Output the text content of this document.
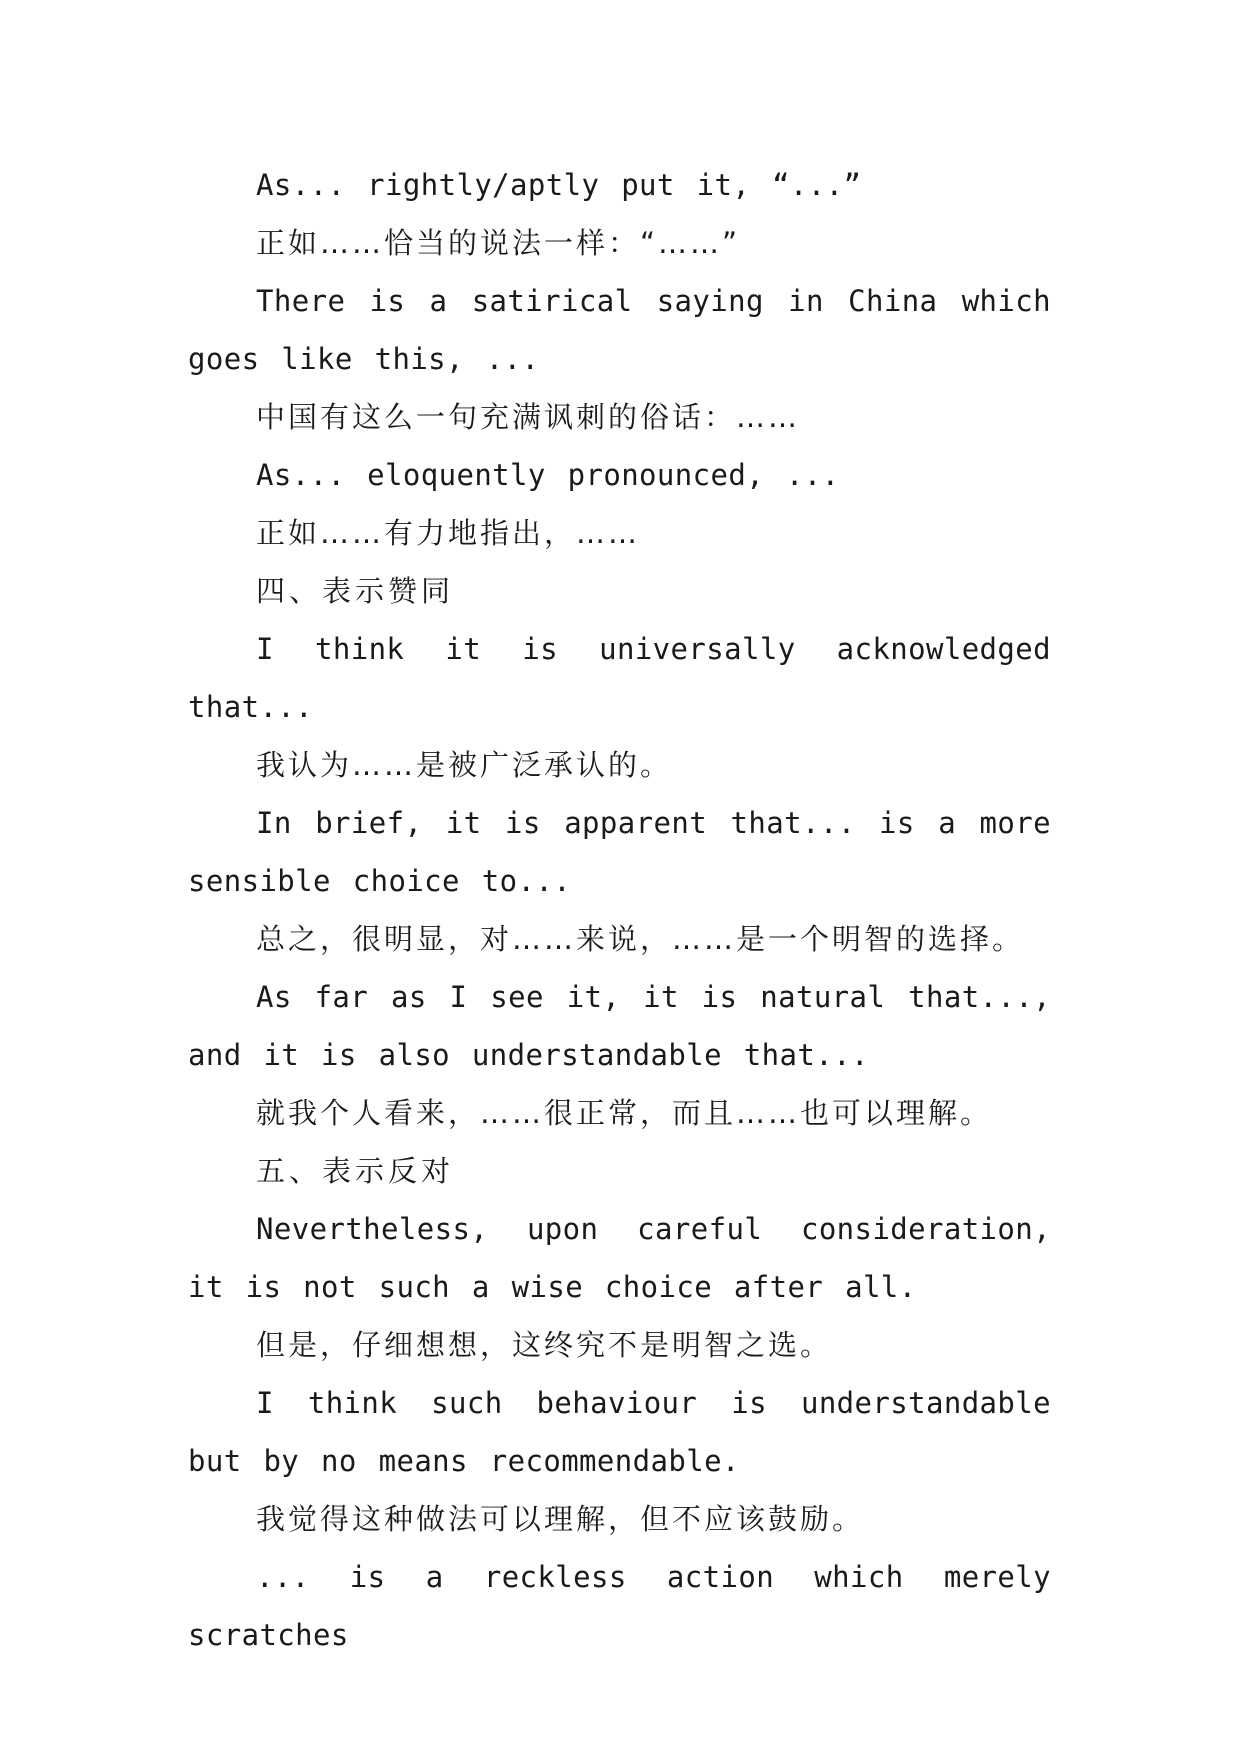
As... rightly/aptly put it, “...”

正如……恰当的说法一样：“……”

There is a satirical saying in China which goes like this, ...

中国有这么一句充满讽刺的俗话：……

As... eloquently pronounced, ...

正如……有力地指出，……

四、表示赞同

I think it is universally acknowledged that...

我认为……是被广泛承认的。

In brief, it is apparent that... is a more sensible choice to...

总之，很明显，对……来说，……是一个明智的选择。

As far as I see it, it is natural that..., and it is also understandable that...

就我个人看来，……很正常，而且……也可以理解。

五、表示反对

Nevertheless, upon careful consideration, it is not such a wise choice after all.

但是，仔细想想，这终究不是明智之选。

I think such behaviour is understandable but by no means recommendable.

我觉得这种做法可以理解，但不应该鼓励。

... is a reckless action which merely scratches
